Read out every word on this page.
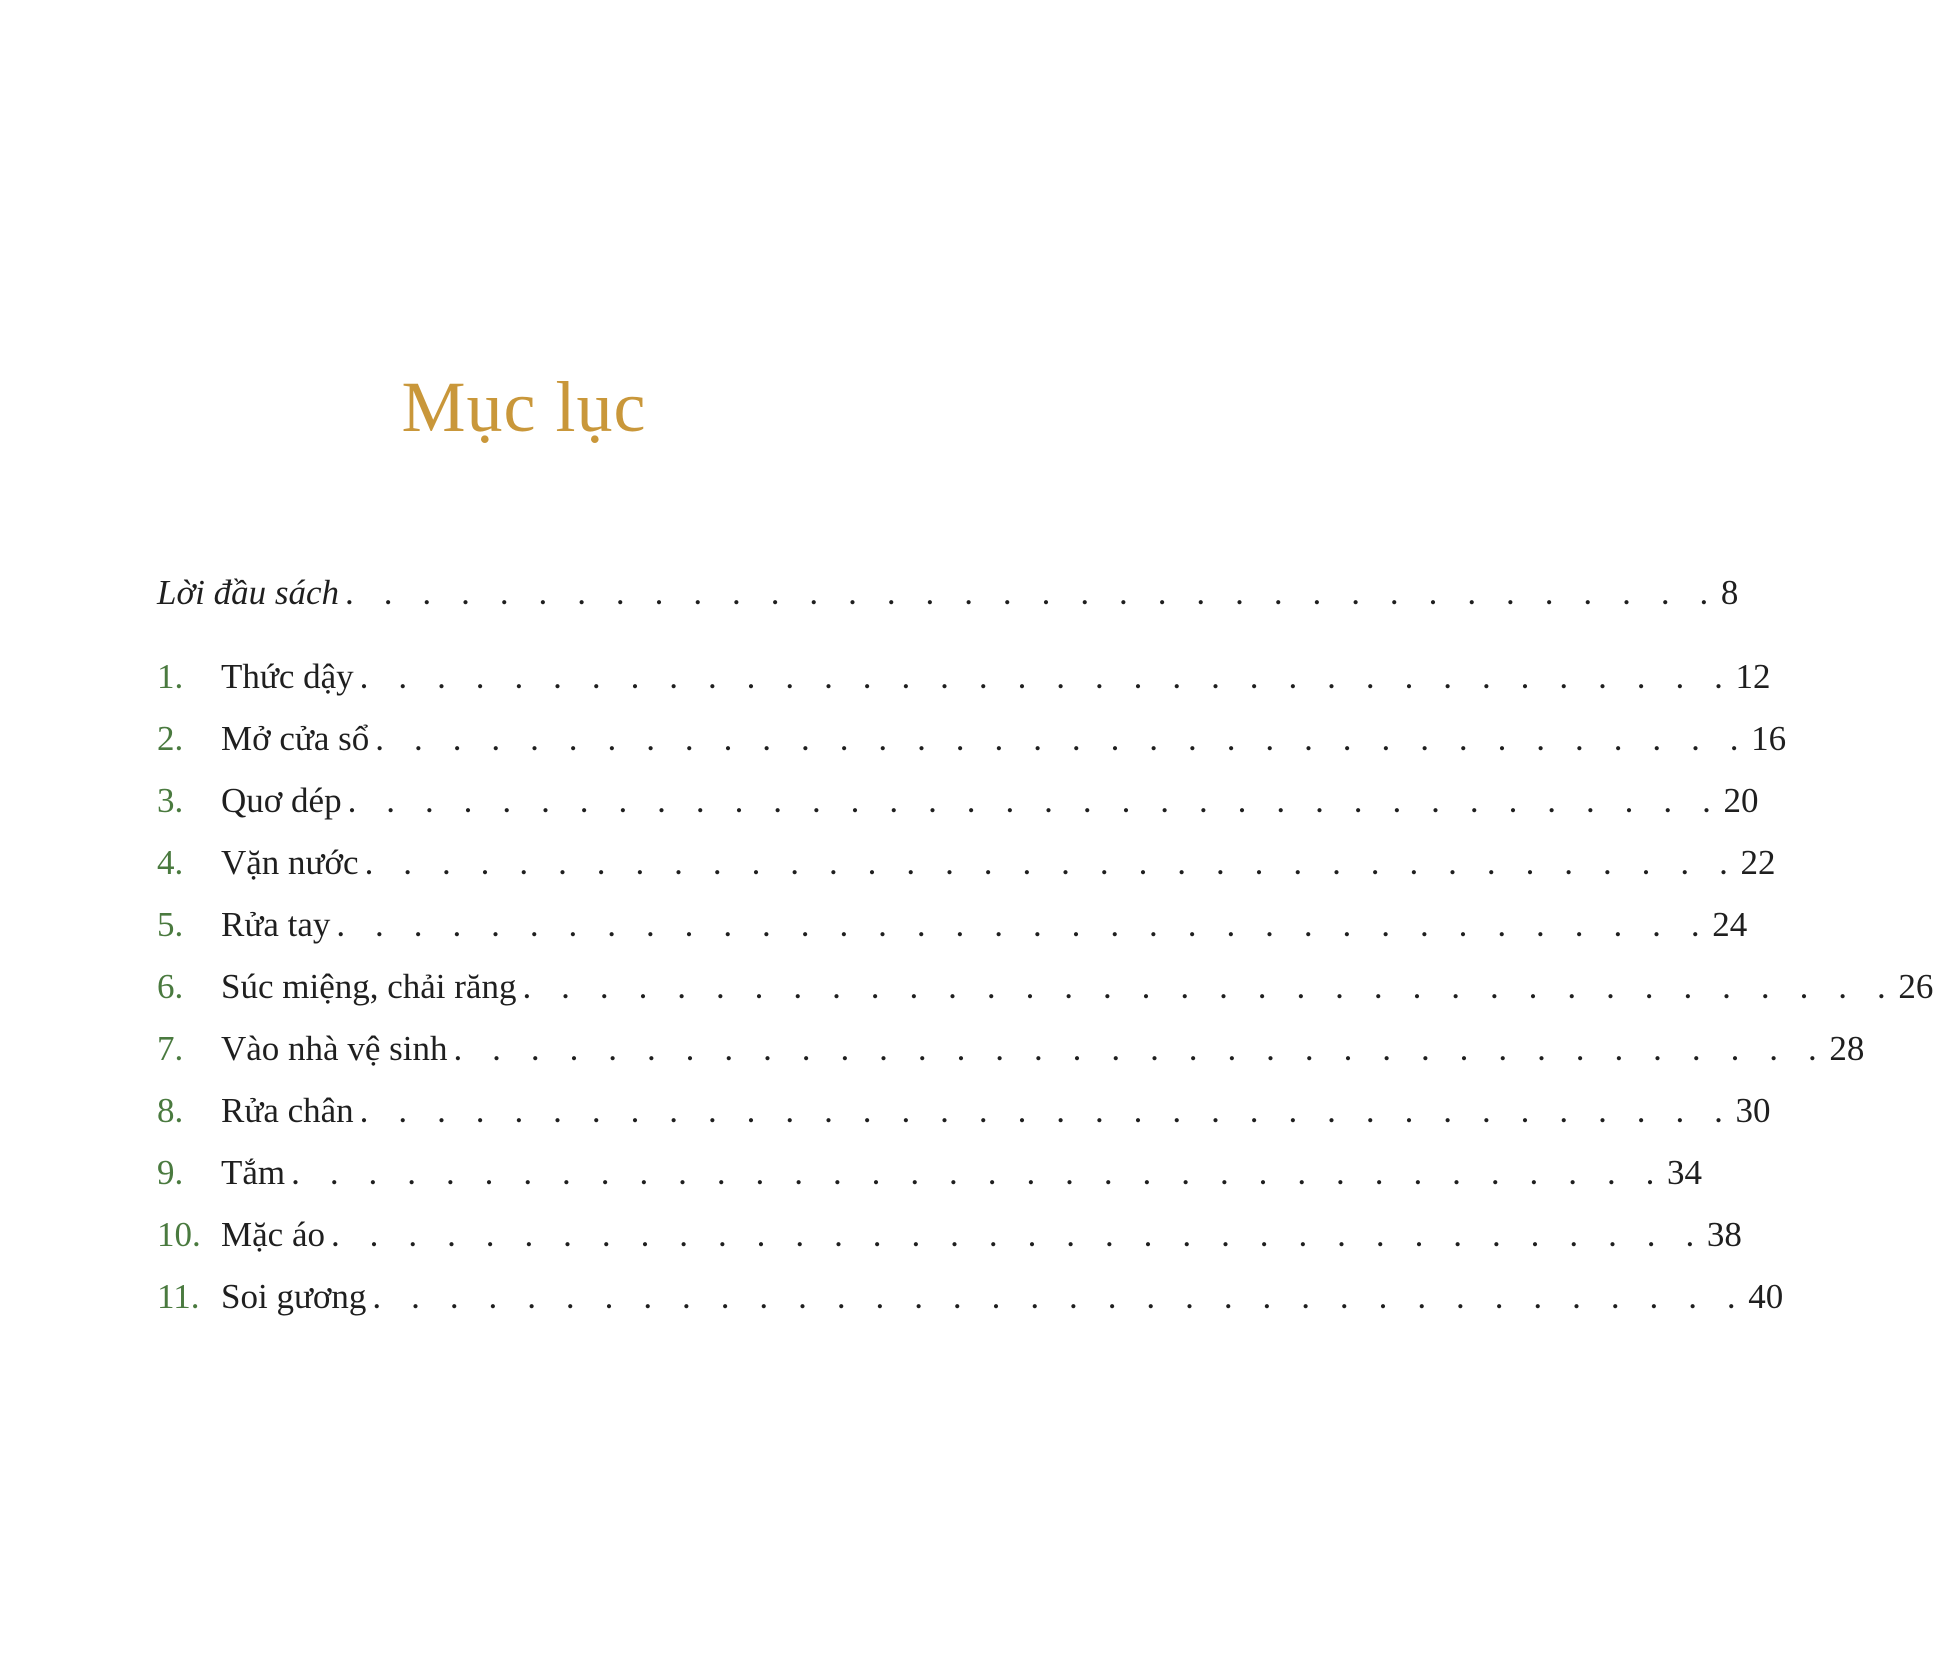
Mục lục
Lời đầu sách . . . . . . . . . . . . . . . . . . . . . . . . . . . . . . . . . . . . 8
1.	Thức dậy . . . . . . . . . . . . . . . . . . . . . . . . . . . . . . . . . . . . 12
2.	Mở cửa sổ . . . . . . . . . . . . . . . . . . . . . . . . . . . . . . . . . . . . 16
3.	Quơ dép . . . . . . . . . . . . . . . . . . . . . . . . . . . . . . . . . . . . 20
4.	Vặn nước . . . . . . . . . . . . . . . . . . . . . . . . . . . . . . . . . . . . 22
5.	Rửa tay . . . . . . . . . . . . . . . . . . . . . . . . . . . . . . . . . . . . 24
6.	Súc miệng, chải răng . . . . . . . . . . . . . . . . . . . . . . . . . . . . . . . . . . . . 26
7.	Vào nhà vệ sinh . . . . . . . . . . . . . . . . . . . . . . . . . . . . . . . . . . . . 28
8.	Rửa chân . . . . . . . . . . . . . . . . . . . . . . . . . . . . . . . . . . . . 30
9.	Tắm . . . . . . . . . . . . . . . . . . . . . . . . . . . . . . . . . . . . 34
10. Mặc áo . . . . . . . . . . . . . . . . . . . . . . . . . . . . . . . . . . . . 38
11. Soi gương . . . . . . . . . . . . . . . . . . . . . . . . . . . . . . . . . . . . 40
